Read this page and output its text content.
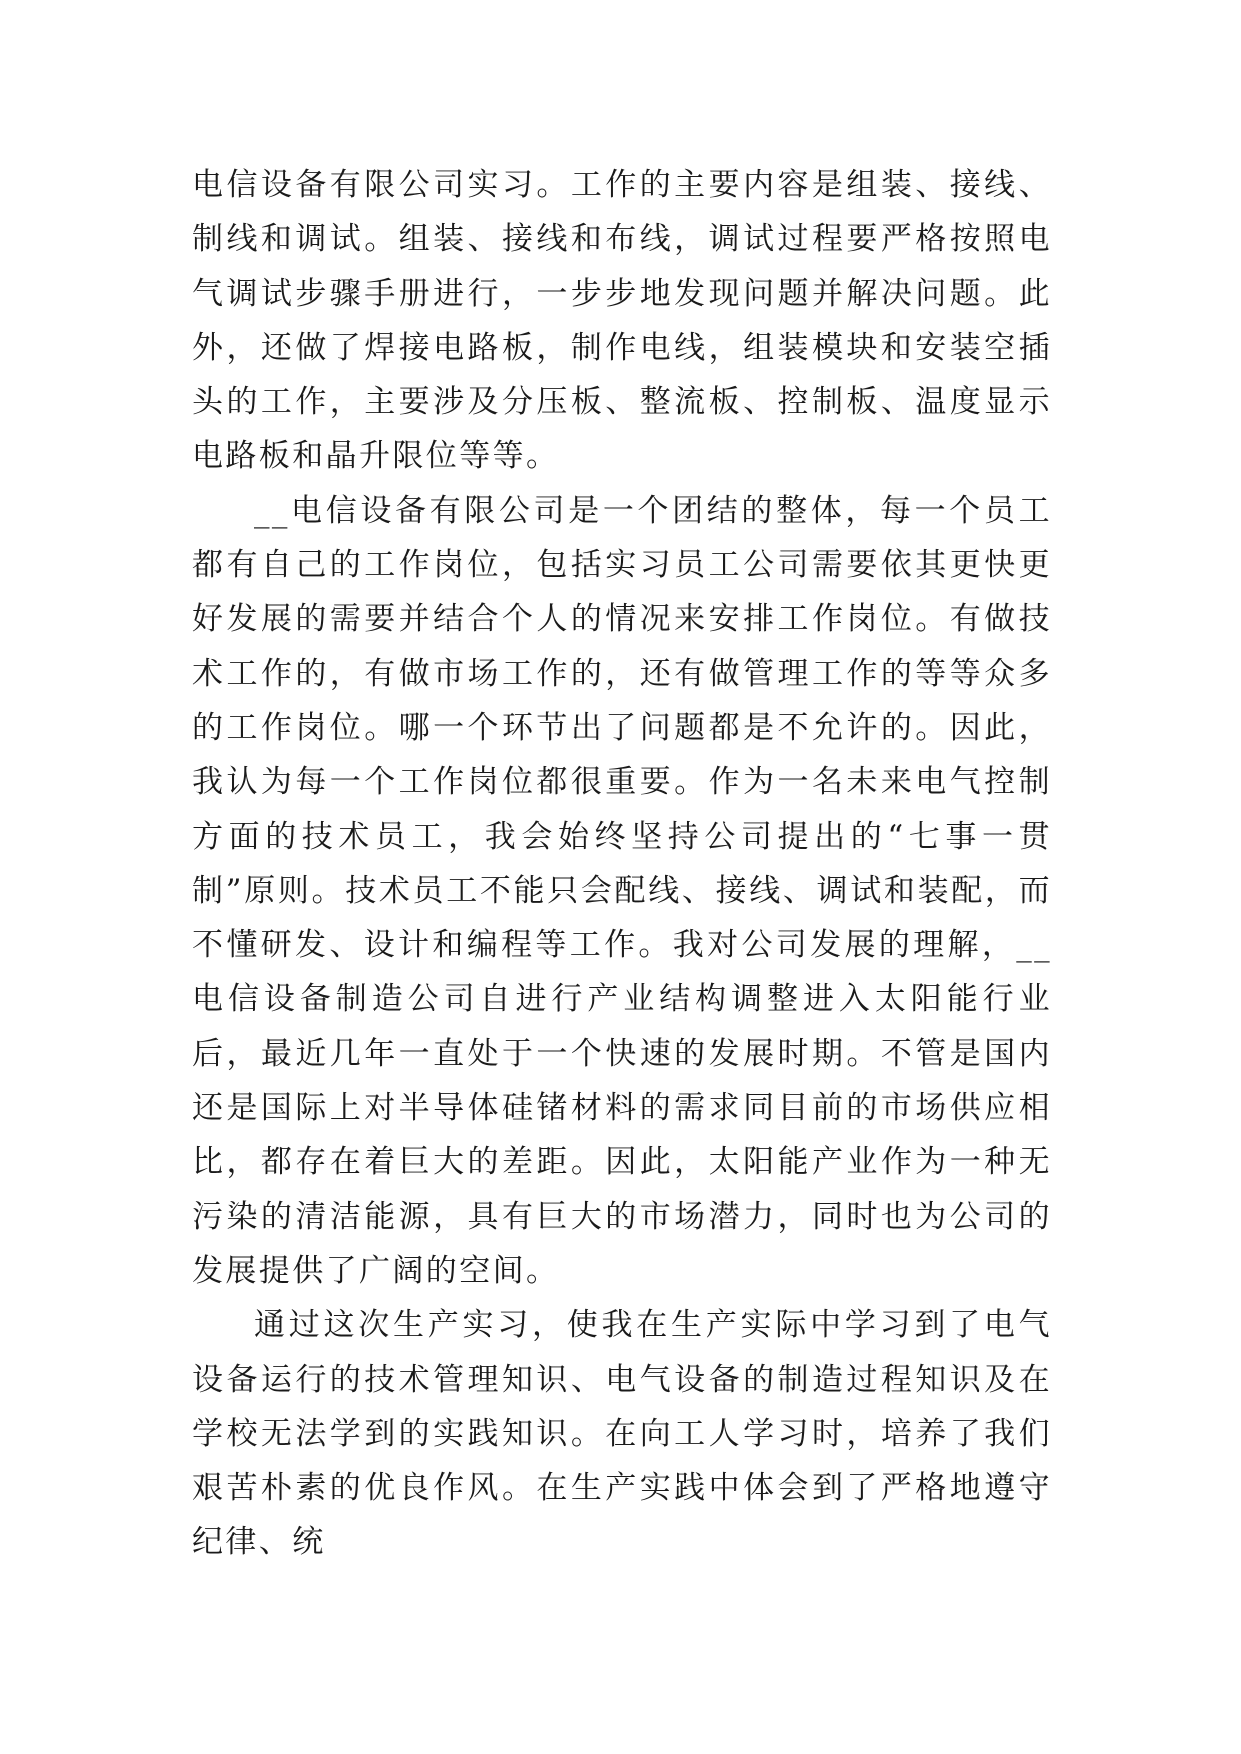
电信设备有限公司实习。工作的主要内容是组装、接线、制线和调试。组装、接线和布线，调试过程要严格按照电气调试步骤手册进行，一步步地发现问题并解决问题。此外，还做了焊接电路板，制作电线，组装模块和安装空插头的工作，主要涉及分压板、整流板、控制板、温度显示电路板和晶升限位等等。

__电信设备有限公司是一个团结的整体，每一个员工都有自己的工作岗位，包括实习员工公司需要依其更快更好发展的需要并结合个人的情况来安排工作岗位。有做技术工作的，有做市场工作的，还有做管理工作的等等众多的工作岗位。哪一个环节出了问题都是不允许的。因此，我认为每一个工作岗位都很重要。作为一名未来电气控制方面的技术员工，我会始终坚持公司提出的“七事一贯制”原则。技术员工不能只会配线、接线、调试和装配，而不懂研发、设计和编程等工作。我对公司发展的理解，__电信设备制造公司自进行产业结构调整进入太阳能行业后，最近几年一直处于一个快速的发展时期。不管是国内还是国际上对半导体硅锗材料的需求同目前的市场供应相比，都存在着巨大的差距。因此，太阳能产业作为一种无污染的清洁能源，具有巨大的市场潜力，同时也为公司的发展提供了广阔的空间。

通过这次生产实习，使我在生产实际中学习到了电气设备运行的技术管理知识、电气设备的制造过程知识及在学校无法学到的实践知识。在向工人学习时，培养了我们艰苦朴素的优良作风。在生产实践中体会到了严格地遵守纪律、统
